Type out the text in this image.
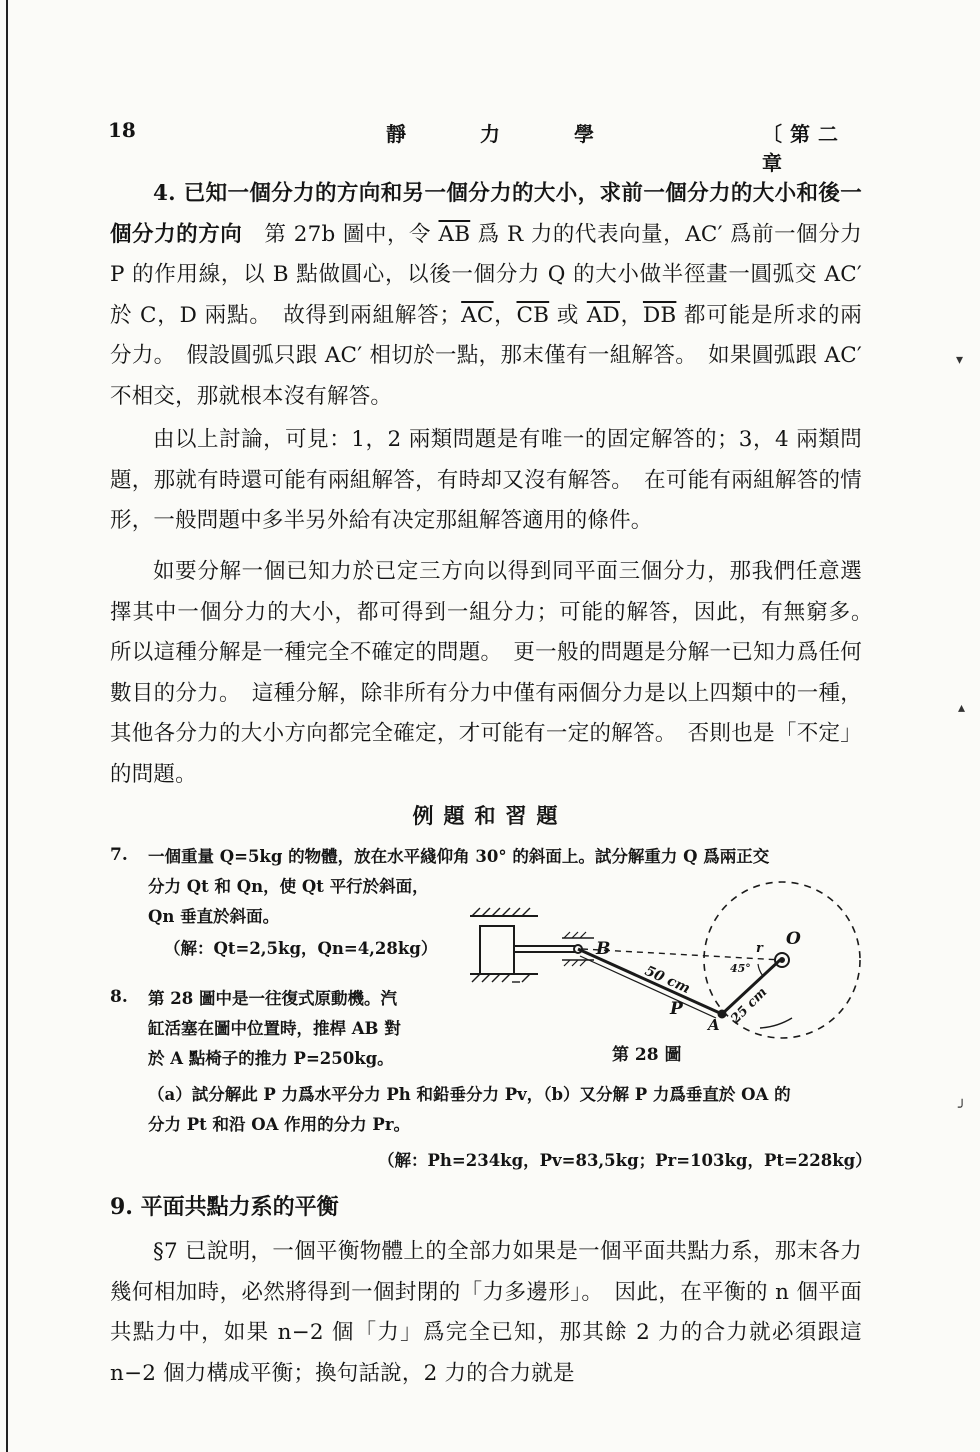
18	靜	力	學	〔第二章
4. 已知一個分力的方向和另一個分力的大小，求前一個分力的大小和後一個分力的方向　第 27b 圖中，令 $\overline{AB}$ 爲 R 力的代表向量，AC′ 爲前一個分力 P 的作用線，以 B 點做圓心，以後一個分力 Q 的大小做半徑畫一圓弧交 AC′ 於 C，D 兩點。　故得到兩組解答；$\overline{AC}$，$\overline{CB}$ 或 $\overline{AD}$，$\overline{DB}$ 都可能是所求的兩分力。　假設圓弧只跟 AC′ 相切於一點，那末僅有一組解答。　如果圓弧跟 AC′ 不相交，那就根本沒有解答。
由以上討論，可見：1，2 兩類問題是有唯一的固定解答的；3，4 兩類問題，那就有時還可能有兩組解答，有時却又沒有解答。　在可能有兩組解答的情形，一般問題中多半另外給有决定那組解答適用的條件。
如要分解一個已知力於已定三方向以得到同平面三個分力，那我們任意選擇其中一個分力的大小，都可得到一組分力；可能的解答，因此，有無窮多。　所以這種分解是一種完全不確定的問題。　更一般的問題是分解一已知力爲任何數目的分力。　這種分解，除非所有分力中僅有兩個分力是以上四類中的一種，其他各分力的大小方向都完全確定，才可能有一定的解答。　否則也是「不定」的問題。
例題和習題
7. 一個重量 Q=5kg 的物體，放在水平綫仰角 30° 的斜面上。試分解重力 Q 爲兩正交
分力 Qt 和 Qn，使 Qt 平行於斜面，
Qn 垂直於斜面。
（解：Qt=2,5kg，Qn=4,28kg）
8. 第 28 圖中是一往復式原動機。汽
缸活塞在圖中位置時，推桿 AB 對
於 A 點椅子的推力 P=250kg。
（a）試分解此 P 力爲水平分力 Ph 和鉛垂分力 Pv，（b）又分解 P 力爲垂直於 OA 的
分力 Pt 和沿 OA 作用的分力 Pr。
（解：Ph=234kg，Pv=83,5kg；Pr=103kg，Pt=228kg）
B	O
P
A
r
50 cm
25 cm
45°
第 28 圖
9. 平面共點力系的平衡
§7 已說明，一個平衡物體上的全部力如果是一個平面共點力系，那末各力幾何相加時，必然將得到一個封閉的「力多邊形」。　因此，在平衡的 n 個平面共點力中，如果 n−2 個「力」爲完全已知，那其餘 2 力的合力就必須跟這 n−2 個力構成平衡；換句話說，2 力的合力就是
▾
▴
╯
